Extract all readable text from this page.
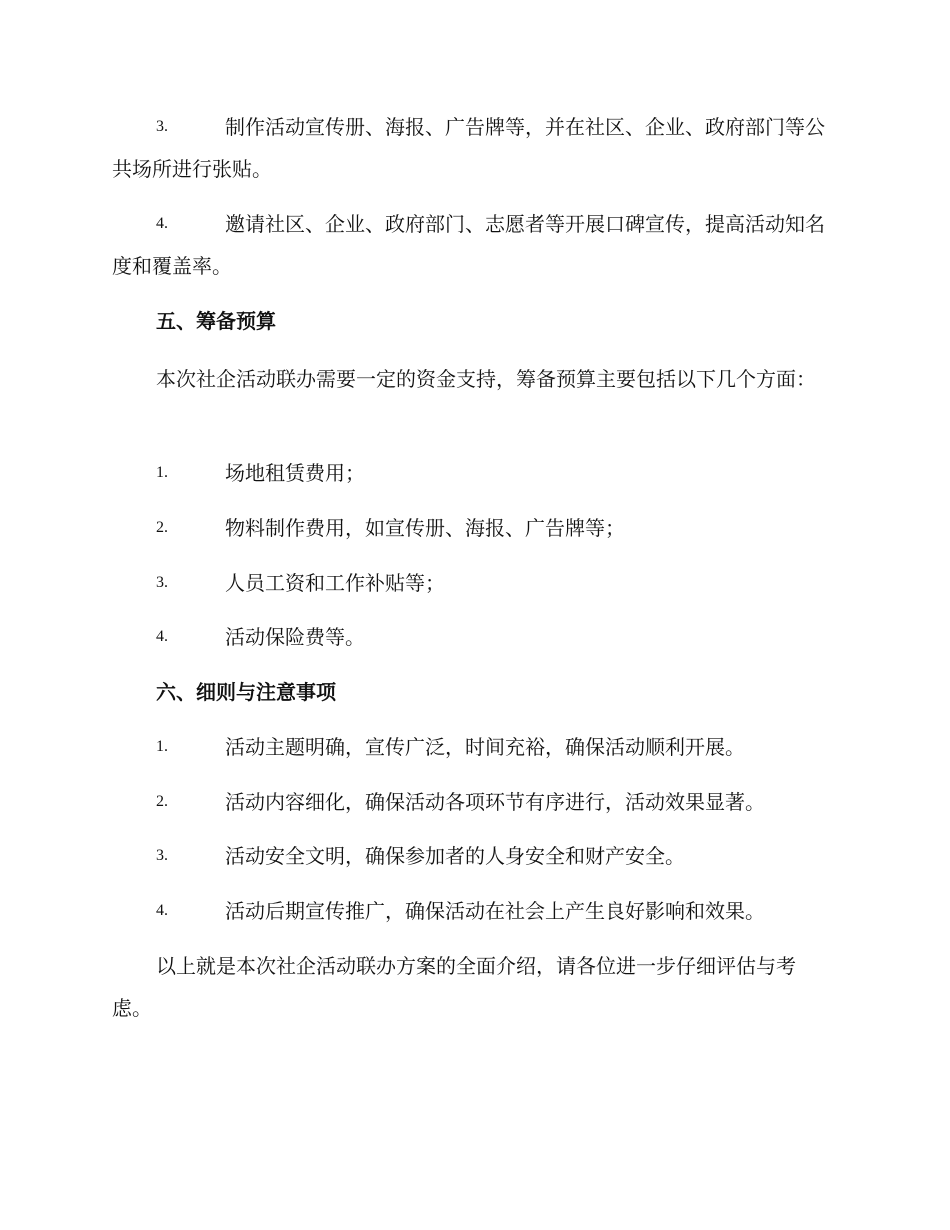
3.	制作活动宣传册、海报、广告牌等，并在社区、企业、政府部门等公共场所进行张贴。
4.	邀请社区、企业、政府部门、志愿者等开展口碑宣传，提高活动知名度和覆盖率。
五、筹备预算
本次社企活动联办需要一定的资金支持，筹备预算主要包括以下几个方面：
1.	场地租赁费用；
2.	物料制作费用，如宣传册、海报、广告牌等；
3.	人员工资和工作补贴等；
4.	活动保险费等。
六、细则与注意事项
1.	活动主题明确，宣传广泛，时间充裕，确保活动顺利开展。
2.	活动内容细化，确保活动各项环节有序进行，活动效果显著。
3.	活动安全文明，确保参加者的人身安全和财产安全。
4.	活动后期宣传推广，确保活动在社会上产生良好影响和效果。
以上就是本次社企活动联办方案的全面介绍，请各位进一步仔细评估与考虑。
